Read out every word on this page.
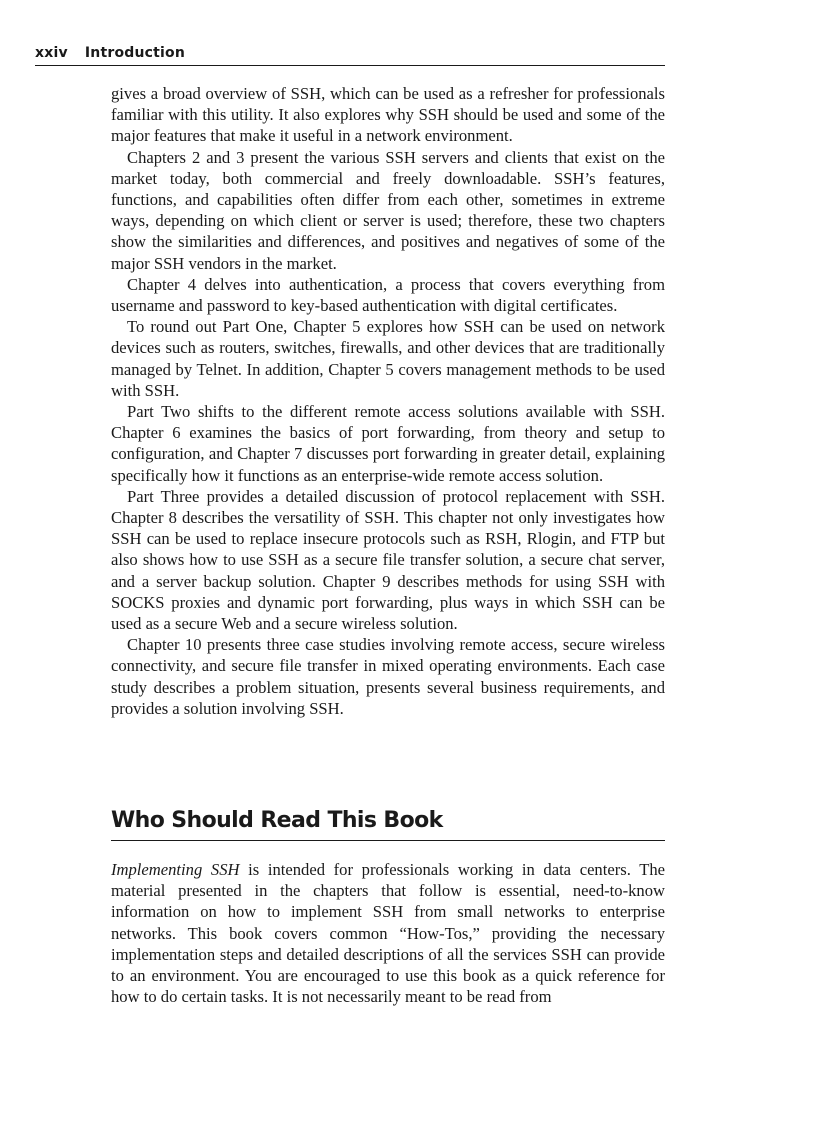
xxiv Introduction

gives a broad overview of SSH, which can be used as a refresher for professionals familiar with this utility. It also explores why SSH should be used and some of the major features that make it useful in a network environment.

Chapters 2 and 3 present the various SSH servers and clients that exist on the market today, both commercial and freely downloadable. SSH’s features, functions, and capabilities often differ from each other, sometimes in extreme ways, depending on which client or server is used; therefore, these two chapters show the similarities and differences, and positives and negatives of some of the major SSH vendors in the market.

Chapter 4 delves into authentication, a process that covers everything from username and password to key-based authentication with digital certificates.

To round out Part One, Chapter 5 explores how SSH can be used on network devices such as routers, switches, firewalls, and other devices that are traditionally managed by Telnet. In addition, Chapter 5 covers management methods to be used with SSH.

Part Two shifts to the different remote access solutions available with SSH. Chapter 6 examines the basics of port forwarding, from theory and setup to configuration, and Chapter 7 discusses port forwarding in greater detail, explaining specifically how it functions as an enterprise-wide remote access solution.

Part Three provides a detailed discussion of protocol replacement with SSH. Chapter 8 describes the versatility of SSH. This chapter not only investigates how SSH can be used to replace insecure protocols such as RSH, Rlogin, and FTP but also shows how to use SSH as a secure file transfer solution, a secure chat server, and a server backup solution. Chapter 9 describes methods for using SSH with SOCKS proxies and dynamic port forwarding, plus ways in which SSH can be used as a secure Web and a secure wireless solution.

Chapter 10 presents three case studies involving remote access, secure wireless connectivity, and secure file transfer in mixed operating environments. Each case study describes a problem situation, presents several business requirements, and provides a solution involving SSH.

Who Should Read This Book

Implementing SSH is intended for professionals working in data centers. The material presented in the chapters that follow is essential, need-to-know information on how to implement SSH from small networks to enterprise networks. This book covers common “How-Tos,” providing the necessary implementation steps and detailed descriptions of all the services SSH can provide to an environment. You are encouraged to use this book as a quick reference for how to do certain tasks. It is not necessarily meant to be read from
